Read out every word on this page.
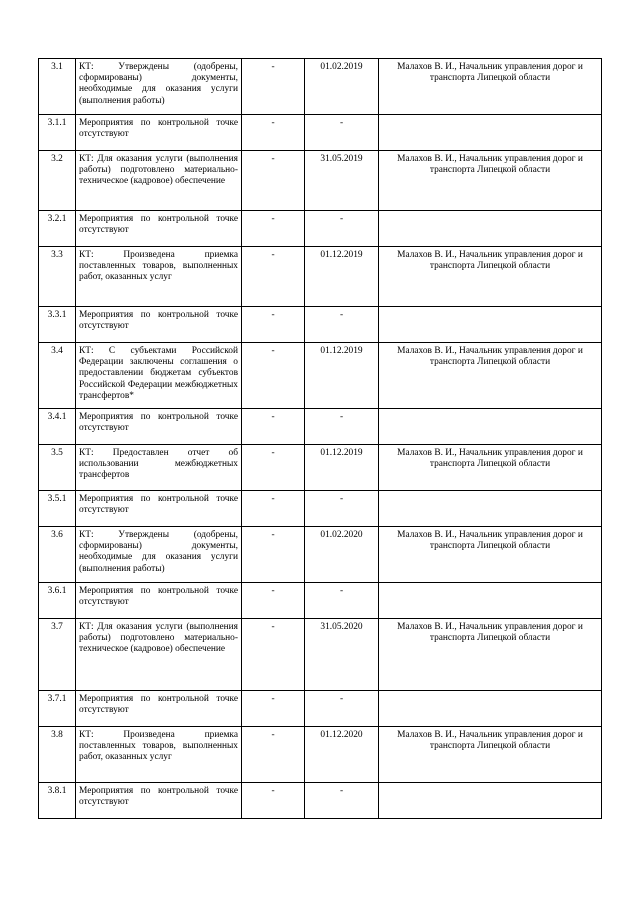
3.1	КТ: Утверждены (одобрены, сформированы) документы, необходимые для оказания услуги (выполнения работы)	-	01.02.2019	Малахов В. И., Начальник управления дорог и транспорта Липецкой области
3.1.1	Мероприятия по контрольной точке отсутствуют	-	-	
3.2	КТ: Для оказания услуги (выполнения работы) подготовлено материально-техническое (кадровое) обеспечение	-	31.05.2019	Малахов В. И., Начальник управления дорог и транспорта Липецкой области
3.2.1	Мероприятия по контрольной точке отсутствуют	-	-	
3.3	КТ: Произведена приемка поставленных товаров, выполненных работ, оказанных услуг	-	01.12.2019	Малахов В. И., Начальник управления дорог и транспорта Липецкой области
3.3.1	Мероприятия по контрольной точке отсутствуют	-	-	
3.4	КТ: С субъектами Российской Федерации заключены соглашения о предоставлении бюджетам субъектов Российской Федерации межбюджетных трансфертов*	-	01.12.2019	Малахов В. И., Начальник управления дорог и транспорта Липецкой области
3.4.1	Мероприятия по контрольной точке отсутствуют	-	-	
3.5	КТ: Предоставлен отчет об использовании межбюджетных трансфертов	-	01.12.2019	Малахов В. И., Начальник управления дорог и транспорта Липецкой области
3.5.1	Мероприятия по контрольной точке отсутствуют	-	-	
3.6	КТ: Утверждены (одобрены, сформированы) документы, необходимые для оказания услуги (выполнения работы)	-	01.02.2020	Малахов В. И., Начальник управления дорог и транспорта Липецкой области
3.6.1	Мероприятия по контрольной точке отсутствуют	-	-	
3.7	КТ: Для оказания услуги (выполнения работы) подготовлено материально-техническое (кадровое) обеспечение	-	31.05.2020	Малахов В. И., Начальник управления дорог и транспорта Липецкой области
3.7.1	Мероприятия по контрольной точке отсутствуют	-	-	
3.8	КТ: Произведена приемка поставленных товаров, выполненных работ, оказанных услуг	-	01.12.2020	Малахов В. И., Начальник управления дорог и транспорта Липецкой области
3.8.1	Мероприятия по контрольной точке отсутствуют	-	-	
